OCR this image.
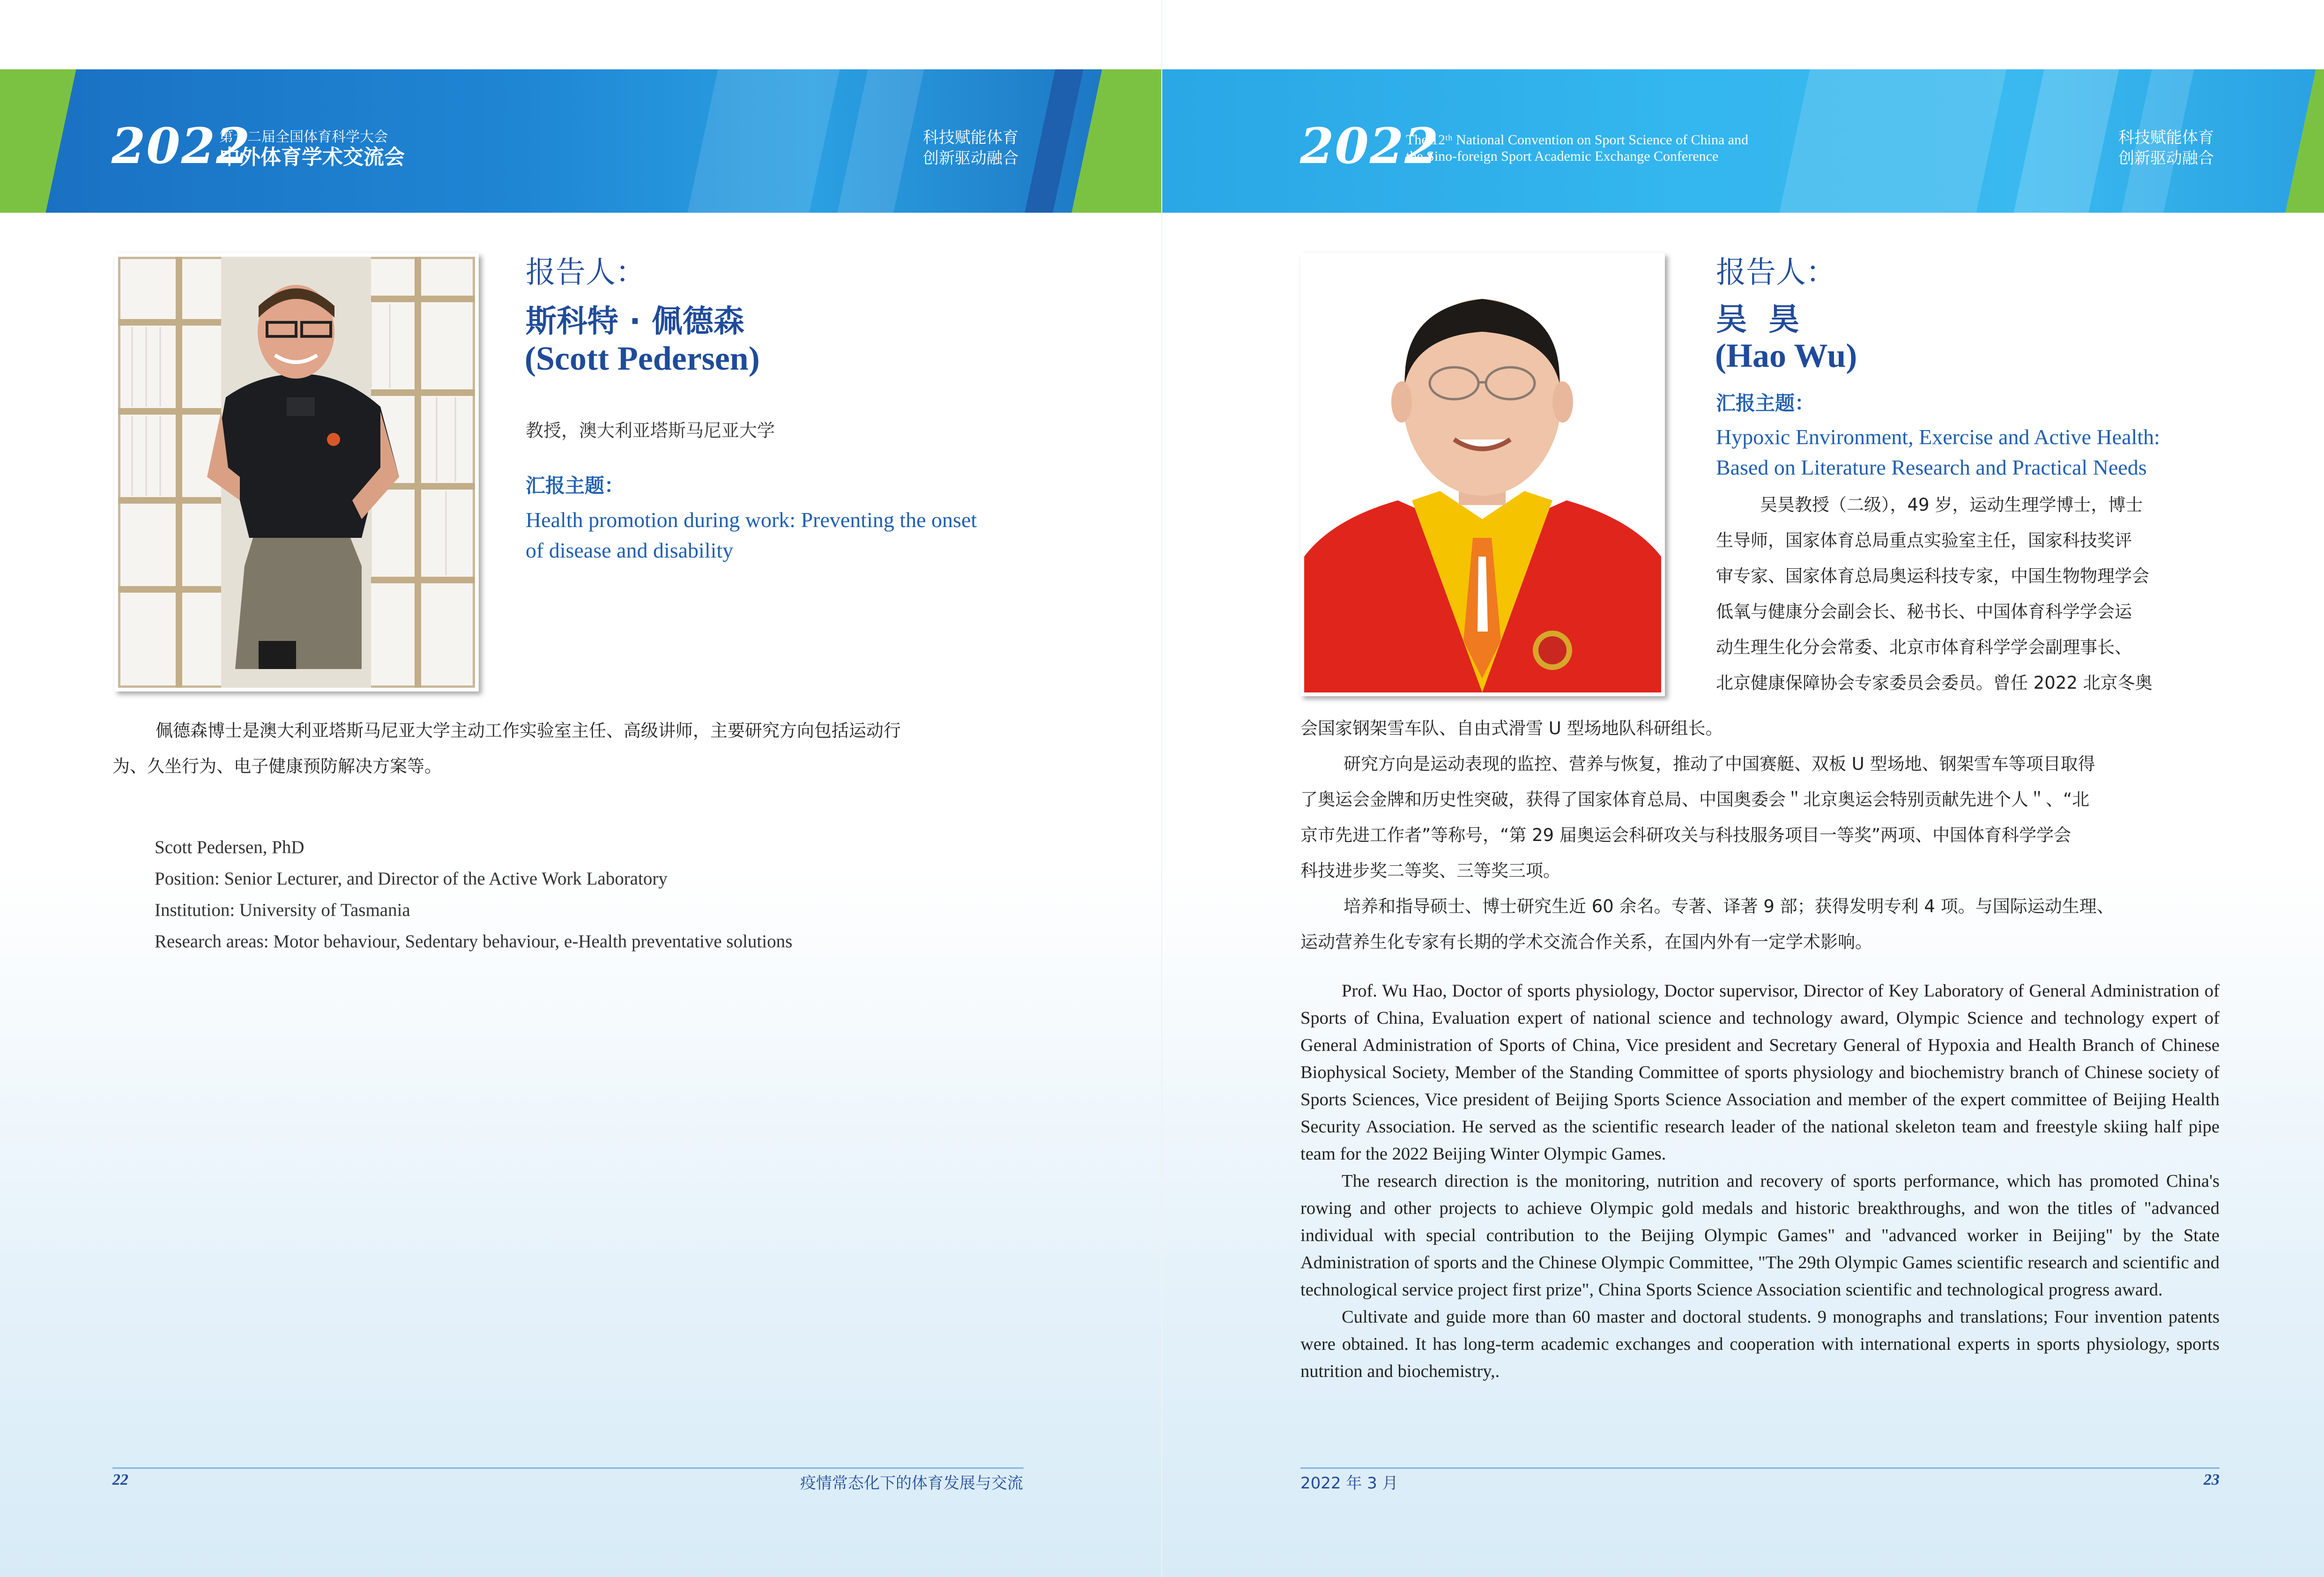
2022
第十二届全国体育科学大会
中外体育学术交流会
科技赋能体育
创新驱动融合
报告人：
斯科特 · 佩德森
(Scott Pedersen)
教授，澳大利亚塔斯马尼亚大学
汇报主题：
Health promotion during work: Preventing the onset
of disease and disability
佩德森博士是澳大利亚塔斯马尼亚大学主动工作实验室主任、高级讲师，主要研究方向包括运动行
为、久坐行为、电子健康预防解决方案等。
Scott Pedersen, PhD
Position: Senior Lecturer, and Director of the Active Work Laboratory
Institution: University of Tasmania
Research areas: Motor behaviour, Sedentary behaviour, e-Health preventative solutions
22	疫情常态化下的体育发展与交流
2022
The 12ᵗʰ National Convention on Sport Science of China and
the Sino-foreign Sport Academic Exchange Conference
科技赋能体育
创新驱动融合
报告人：
吴  昊
(Hao Wu)
汇报主题：
Hypoxic Environment, Exercise and Active Health:
Based on Literature Research and Practical Needs
吴昊教授（二级），49 岁，运动生理学博士，博士
生导师，国家体育总局重点实验室主任，国家科技奖评
审专家、国家体育总局奥运科技专家，中国生物物理学会
低氧与健康分会副会长、秘书长、中国体育科学学会运
动生理生化分会常委、北京市体育科学学会副理事长、
北京健康保障协会专家委员会委员。曾任 2022 北京冬奥
会国家钢架雪车队、自由式滑雪 U 型场地队科研组长。
研究方向是运动表现的监控、营养与恢复，推动了中国赛艇、双板 U 型场地、钢架雪车等项目取得
了奥运会金牌和历史性突破，获得了国家体育总局、中国奥委会＂北京奥运会特别贡献先进个人＂、“北
京市先进工作者”等称号，“第 29 届奥运会科研攻关与科技服务项目一等奖”两项、中国体育科学学会
科技进步奖二等奖、三等奖三项。
培养和指导硕士、博士研究生近 60 余名。专著、译著 9 部；获得发明专利 4 项。与国际运动生理、
运动营养生化专家有长期的学术交流合作关系，在国内外有一定学术影响。

Prof. Wu Hao, Doctor of sports physiology, Doctor supervisor, Director of Key Laboratory of General Administration of Sports of China, Evaluation expert of national science and technology award, Olympic Science and technology expert of General Administration of Sports of China, Vice president and Secretary General of Hypoxia and Health Branch of Chinese Biophysical Society, Member of the Standing Committee of sports physiology and biochemistry branch of Chinese society of Sports Sciences, Vice president of Beijing Sports Science Association and member of the expert committee of Beijing Health Security Association. He served as the scientific research leader of the national skeleton team and freestyle skiing half pipe team for the 2022 Beijing Winter Olympic Games.

The research direction is the monitoring, nutrition and recovery of sports performance, which has promoted China's rowing and other projects to achieve Olympic gold medals and historic breakthroughs, and won the titles of "advanced individual with special contribution to the Beijing Olympic Games" and "advanced worker in Beijing" by the State Administration of sports and the Chinese Olympic Committee, "The 29th Olympic Games scientific research and scientific and technological service project first prize", China Sports Science Association scientific and technological progress award.

Cultivate and guide more than 60 master and doctoral students. 9 monographs and translations; Four invention patents were obtained. It has long-term academic exchanges and cooperation with international experts in sports physiology, sports nutrition and biochemistry,.

2022 年 3 月	23
